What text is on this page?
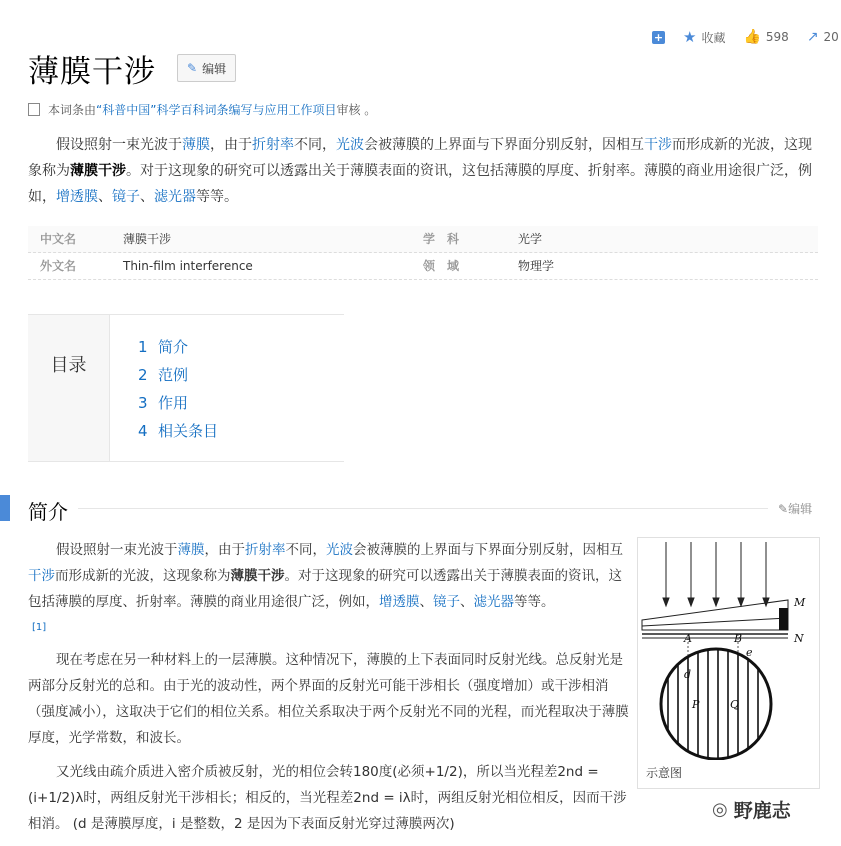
+ ★ 收藏 👍 598 ↗ 20
薄膜干涉	✎ 编辑
本词条由 “科普中国”科学百科词条编写与应用工作项目 审核 。
假设照射一束光波于薄膜，由于折射率不同，光波会被薄膜的上界面与下界面分别反射，因相互干涉而形成新的光波，这现象称为薄膜干涉。对于这现象的研究可以透露出关于薄膜表面的资讯，这包括薄膜的厚度、折射率。薄膜的商业用途很广泛，例如，增透膜、镜子、滤光器等等。
中文名	薄膜干涉	学　科	光学
外文名	Thin-film interference	领　域	物理学
目录
1 简介
2 范例
3 作用
4 相关条目
简介	✎编辑
假设照射一束光波于薄膜，由于折射率不同，光波会被薄膜的上界面与下界面分别反射，因相互干涉而形成新的光波，这现象称为薄膜干涉。对于这现象的研究可以透露出关于薄膜表面的资讯，这包括薄膜的厚度、折射率。薄膜的商业用途很广泛，例如，增透膜、镜子、滤光器等等。
[1]
现在考虑在另一种材料上的一层薄膜。这种情况下，薄膜的上下表面同时反射光线。总反射光是两部分反射光的总和。由于光的波动性，两个界面的反射光可能干涉相长（强度增加）或干涉相消（强度减小），这取决于它们的相位关系。相位关系取决于两个反射光不同的光程，而光程取决于薄膜厚度，光学常数，和波长。
又光线由疏介质进入密介质被反射，光的相位会转180度(必须+1/2)，所以当光程差2nd = (i+1/2)λ时，两组反射光干涉相长；相反的，当光程差2nd = iλ时，两组反射光相位相反，因而干涉相消。 (d 是薄膜厚度，i 是整数，2 是因为下表面反射光穿过薄膜两次)
M
N
A	B
P	Q
d
e
示意图
◎ 野鹿志
